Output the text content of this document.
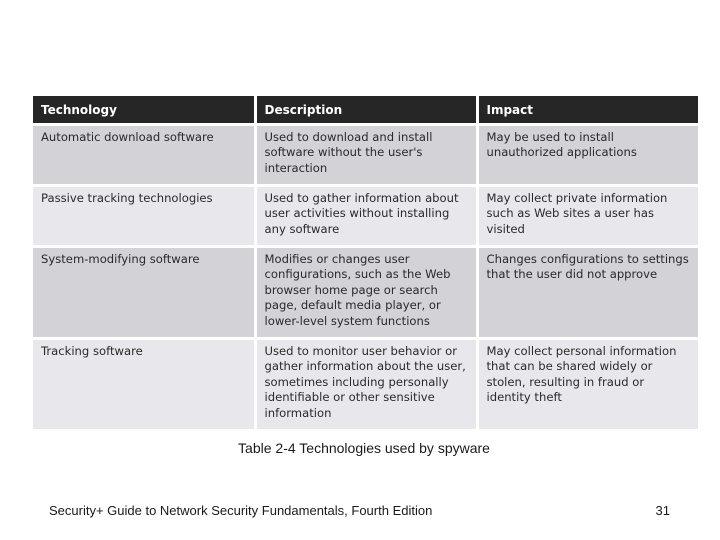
Technology	Description	Impact
Automatic download software	Used to download and install software without the user's interaction	May be used to install unauthorized applications
Passive tracking technologies	Used to gather information about user activities without installing any software	May collect private information such as Web sites a user has visited
System-modifying software	Modifies or changes user configurations, such as the Web browser home page or search page, default media player, or lower-level system functions	Changes configurations to settings that the user did not approve
Tracking software	Used to monitor user behavior or gather information about the user, sometimes including personally identifiable or other sensitive information	May collect personal information that can be shared widely or stolen, resulting in fraud or identity theft
Table 2-4 Technologies used by spyware
Security+ Guide to Network Security Fundamentals, Fourth Edition	31
